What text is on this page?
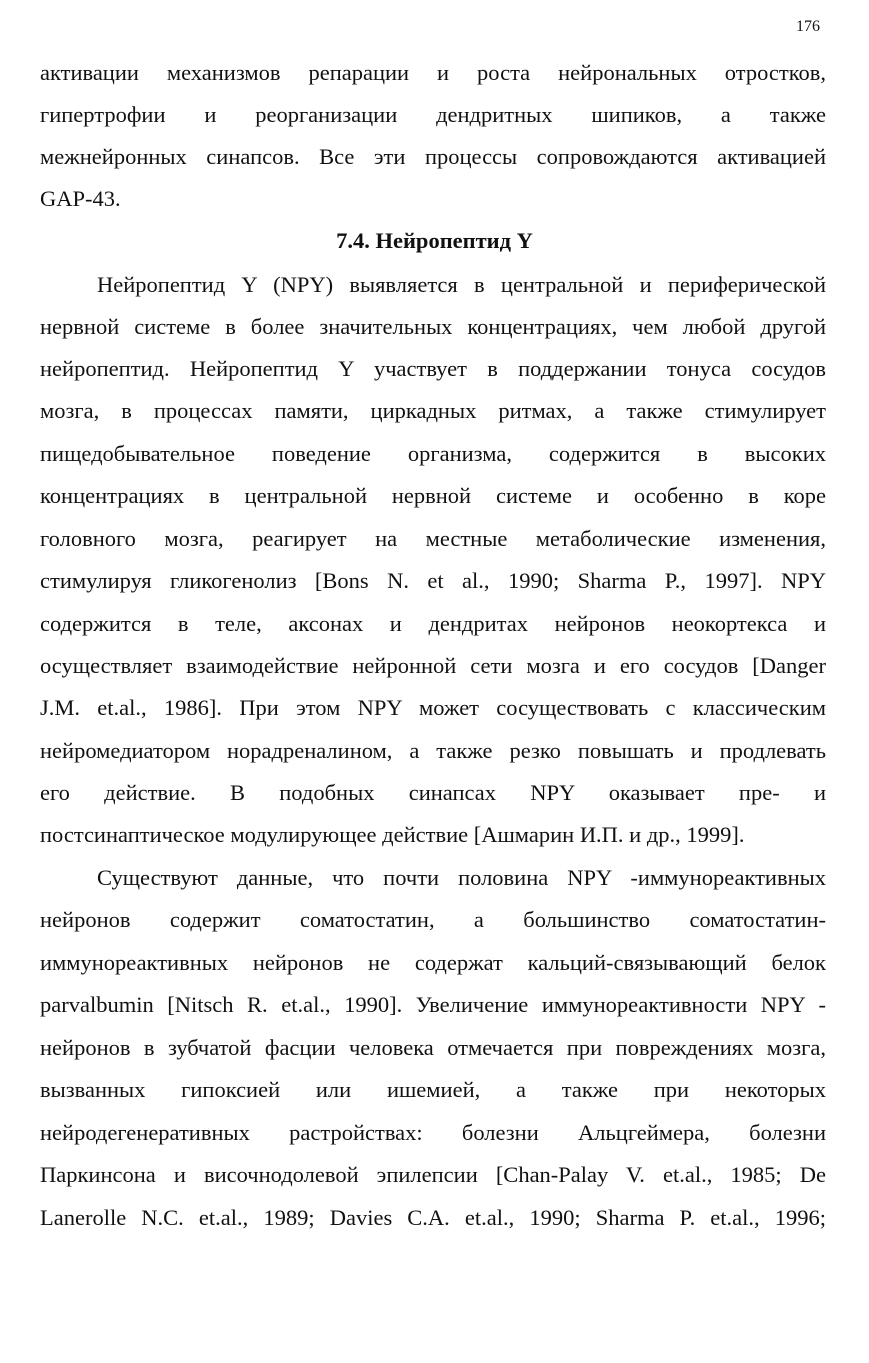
176
активации механизмов репарации и роста нейрональных отростков,
гипертрофии и реорганизации дендритных шипиков, а также
межнейронных синапсов. Все эти процессы сопровождаются активацией
GAP-43.
7.4. Нейропептид Y
Нейропептид Y (NPY) выявляется в центральной и периферической
нервной системе в более значительных концентрациях, чем любой другой
нейропептид. Нейропептид Y участвует в поддержании тонуса сосудов
мозга, в процессах памяти, циркадных ритмах, а также стимулирует
пищедобывательное поведение организма, содержится в высоких
концентрациях в центральной нервной системе и особенно в коре
головного мозга, реагирует на местные метаболические изменения,
стимулируя гликогенолиз [Bons N. et al., 1990; Sharma P., 1997]. NPY
содержится в теле, аксонах и дендритах нейронов неокортекса и
осуществляет взаимодействие нейронной сети мозга и его сосудов [Danger
J.M. et.al., 1986]. При этом NPY может сосуществовать с классическим
нейромедиатором норадреналином, а также резко повышать и продлевать
его действие. В подобных синапсах NPY оказывает пре- и
постсинаптическое модулирующее действие [Ашмарин И.П. и др., 1999].
Существуют данные, что почти половина NPY -иммунореактивных
нейронов содержит соматостатин, а большинство соматостатин-
иммунореактивных нейронов не содержат кальций-связывающий белок
parvalbumin [Nitsch R. et.al., 1990]. Увеличение иммунореактивности NPY -
нейронов в зубчатой фасции человека отмечается при повреждениях мозга,
вызванных гипоксией или ишемией, а также при некоторых
нейродегенеративных растройствах: болезни Альцгеймера, болезни
Паркинсона и височнодолевой эпилепсии [Chan-Palay V. et.al., 1985; De
Lanerolle N.C. et.al., 1989; Davies C.A. et.al., 1990; Sharma P. et.al., 1996;
